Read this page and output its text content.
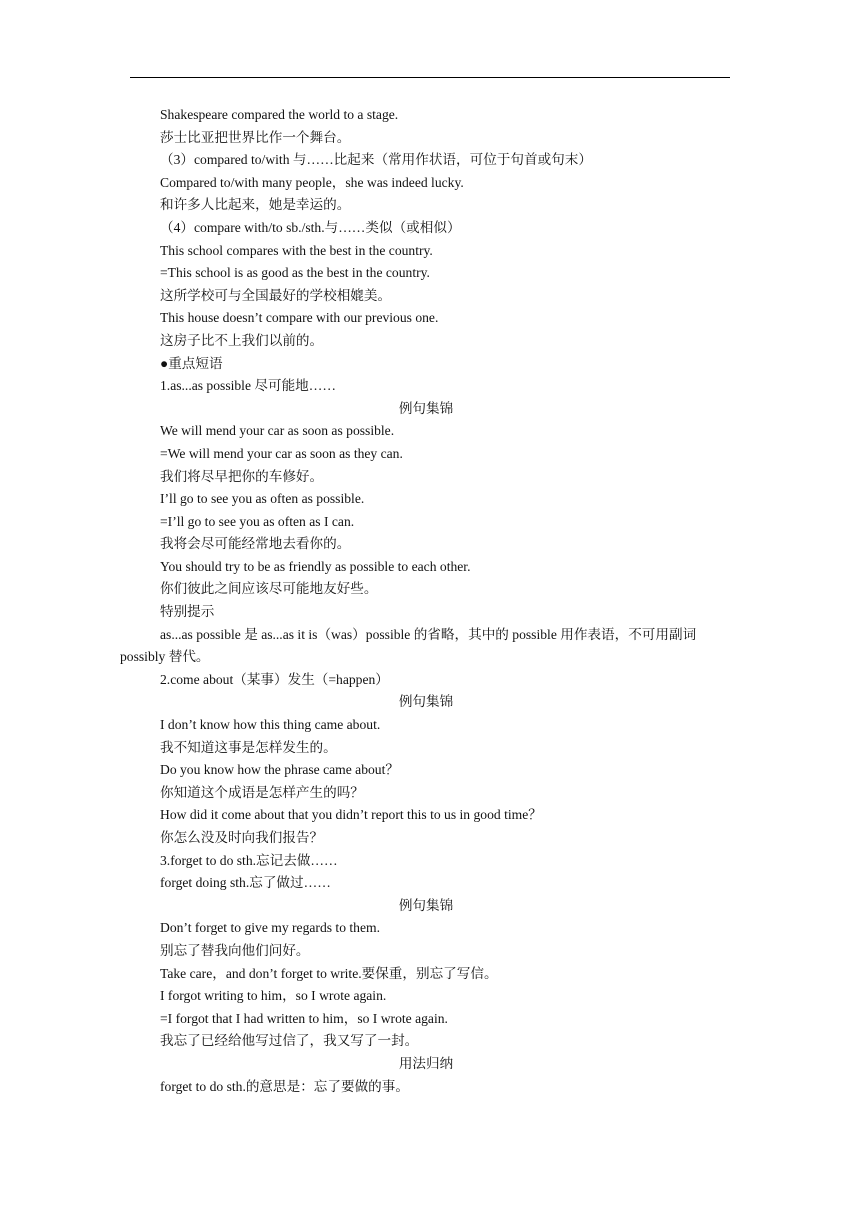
Shakespeare compared the world to a stage.
莎士比亚把世界比作一个舞台。
（3）compared to/with 与……比起来（常用作状语，可位于句首或句末）
Compared to/with many people，she was indeed lucky.
和许多人比起来，她是幸运的。
（4）compare with/to sb./sth.与……类似（或相似）
This school compares with the best in the country.
=This school is as good as the best in the country.
这所学校可与全国最好的学校相媲美。
This house doesn’t compare with our previous one.
这房子比不上我们以前的。
●重点短语
1.as...as possible 尽可能地……
例句集锦
We will mend your car as soon as possible.
=We will mend your car as soon as they can.
我们将尽早把你的车修好。
I’ll go to see you as often as possible.
=I’ll go to see you as often as I can.
我将会尽可能经常地去看你的。
You should try to be as friendly as possible to each other.
你们彼此之间应该尽可能地友好些。
特别提示
as...as possible 是 as...as it is（was）possible 的省略，其中的 possible 用作表语，不可用副词 possibly 替代。
2.come about（某事）发生（=happen）
例句集锦
I don’t know how this thing came about.
我不知道这事是怎样发生的。
Do you know how the phrase came about？
你知道这个成语是怎样产生的吗？
How did it come about that you didn’t report this to us in good time？
你怎么没及时向我们报告？
3.forget to do sth.忘记去做……
forget doing sth.忘了做过……
例句集锦
Don’t forget to give my regards to them.
别忘了替我向他们问好。
Take care，and don’t forget to write.要保重，别忘了写信。
I forgot writing to him，so I wrote again.
=I forgot that I had written to him，so I wrote again.
我忘了已经给他写过信了，我又写了一封。
用法归纳
forget to do sth.的意思是：忘了要做的事。
